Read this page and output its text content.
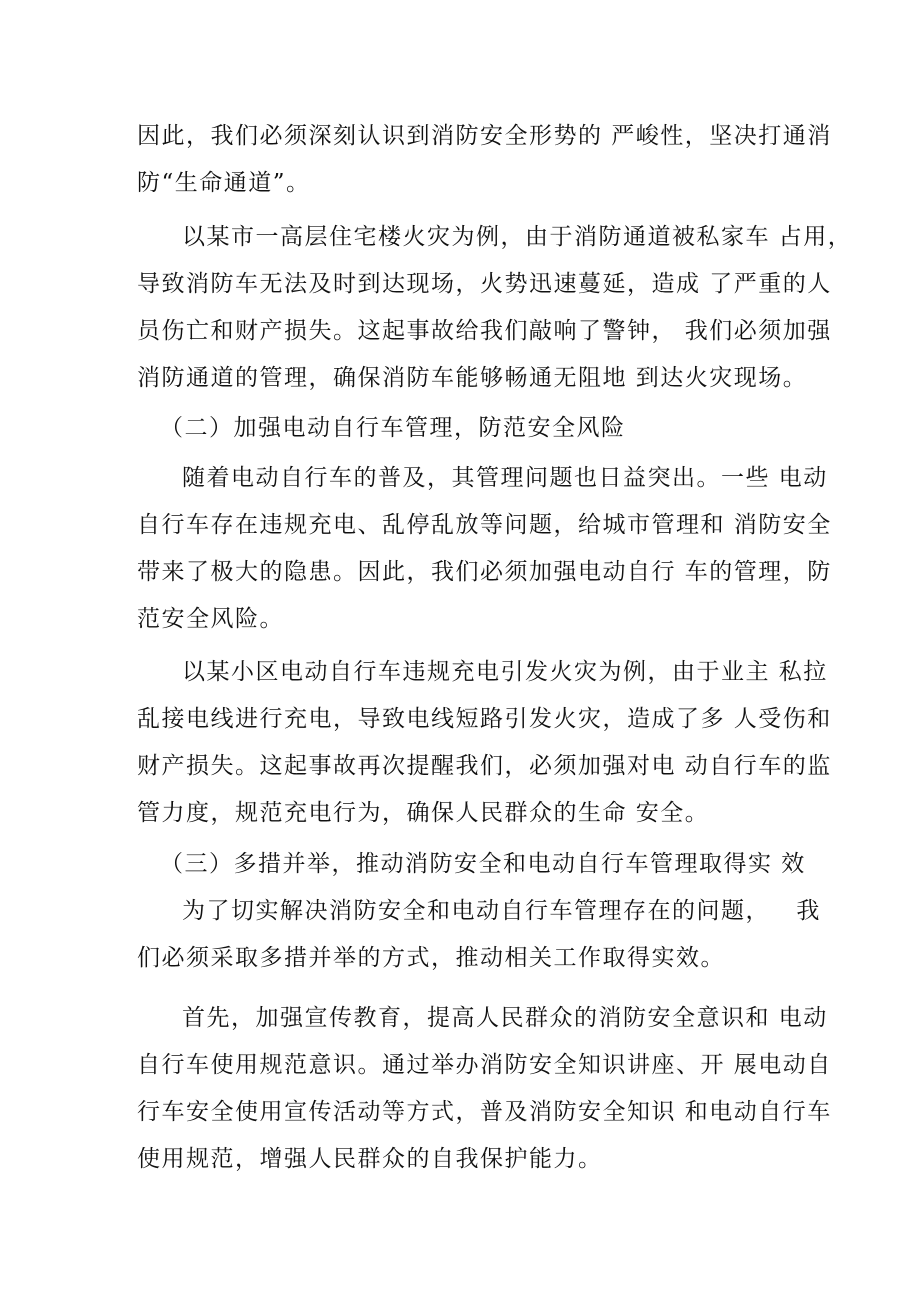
因此，我们必须深刻认识到消防安全形势的 严峻性，坚决打通消
防“生命通道”。
以某市一高层住宅楼火灾为例，由于消防通道被私家车 占用，
导致消防车无法及时到达现场，火势迅速蔓延，造成 了严重的人
员伤亡和财产损失。这起事故给我们敲响了警钟， 我们必须加强
消防通道的管理，确保消防车能够畅通无阻地 到达火灾现场。
（二）加强电动自行车管理，防范安全风险
随着电动自行车的普及，其管理问题也日益突出。一些 电动
自行车存在违规充电、乱停乱放等问题，给城市管理和 消防安全
带来了极大的隐患。因此，我们必须加强电动自行 车的管理，防
范安全风险。
以某小区电动自行车违规充电引发火灾为例，由于业主 私拉
乱接电线进行充电，导致电线短路引发火灾，造成了多 人受伤和
财产损失。这起事故再次提醒我们，必须加强对电 动自行车的监
管力度，规范充电行为，确保人民群众的生命 安全。
（三）多措并举，推动消防安全和电动自行车管理取得实 效
为了切实解决消防安全和电动自行车管理存在的问题，   我
们必须采取多措并举的方式，推动相关工作取得实效。
首先，加强宣传教育，提高人民群众的消防安全意识和 电动
自行车使用规范意识。通过举办消防安全知识讲座、开 展电动自
行车安全使用宣传活动等方式，普及消防安全知识 和电动自行车
使用规范，增强人民群众的自我保护能力。
